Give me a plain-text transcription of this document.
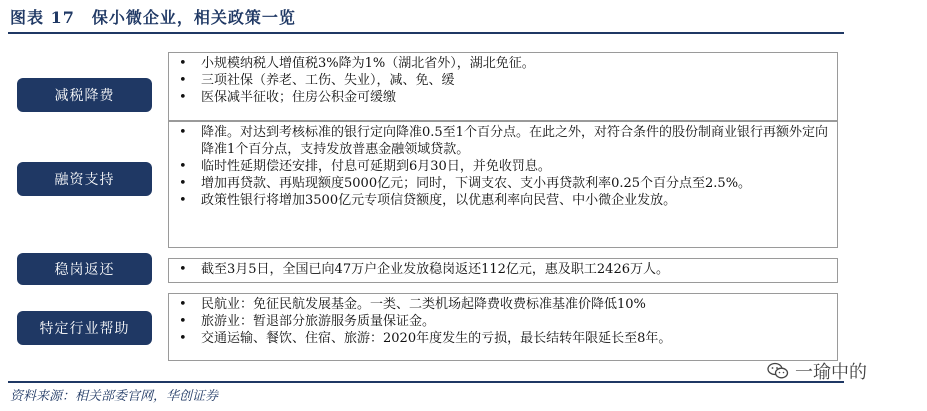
图表 17　保小微企业，相关政策一览
减税降费
• 小规模纳税人增值税3%降为1%（湖北省外），湖北免征。
• 三项社保（养老、工伤、失业），减、免、缓
• 医保减半征收；住房公积金可缓缴
融资支持
• 降准。对达到考核标准的银行定向降准0.5至1个百分点。在此之外，对符合条件的股份制商业银行再额外定向降准1个百分点，支持发放普惠金融领域贷款。
• 临时性延期偿还安排，付息可延期到6月30日，并免收罚息。
• 增加再贷款、再贴现额度5000亿元；同时，下调支农、支小再贷款利率0.25个百分点至2.5%。
• 政策性银行将增加3500亿元专项信贷额度，以优惠利率向民营、中小微企业发放。
稳岗返还
•	截至3月5日，全国已向47万户企业发放稳岗返还112亿元，惠及职工2426万人。
特定行业帮助
• 民航业：免征民航发展基金。一类、二类机场起降费收费标准基准价降低10%
• 旅游业：暂退部分旅游服务质量保证金。
• 交通运输、餐饮、住宿、旅游：2020年度发生的亏损，最长结转年限延长至8年。
资料来源：相关部委官网，华创证券
一瑜中的
